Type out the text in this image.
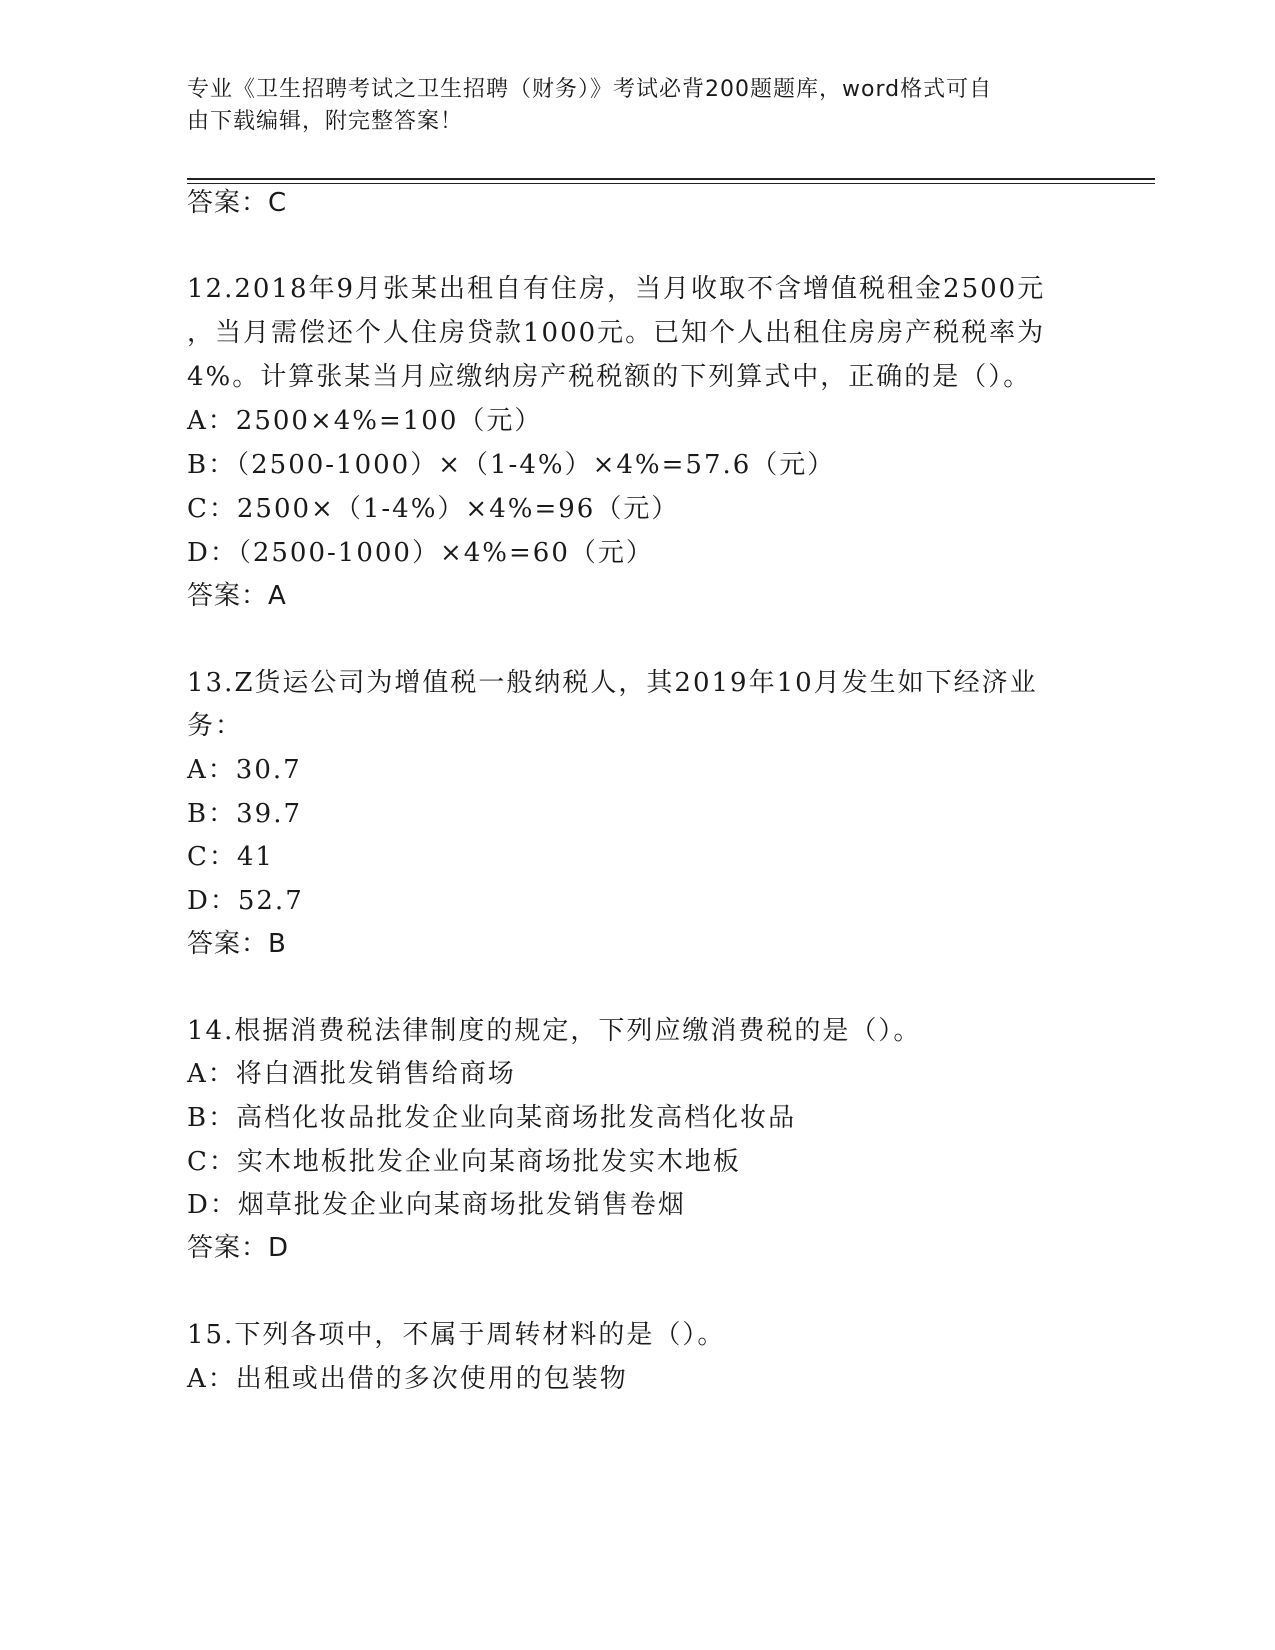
专业《卫生招聘考试之卫生招聘（财务）》考试必背200题题库，word格式可自
由下载编辑，附完整答案！
答案：C
12.2018年9月张某出租自有住房，当月收取不含增值税租金2500元
，当月需偿还个人住房贷款1000元。已知个人出租住房房产税税率为
4%。计算张某当月应缴纳房产税税额的下列算式中，正确的是（）。
A：2500×4%=100（元）
B：（2500-1000）×（1-4%）×4%=57.6（元）
C：2500×（1-4%）×4%=96（元）
D：（2500-1000）×4%=60（元）
答案：A
13.Z货运公司为增值税一般纳税人，其2019年10月发生如下经济业
务：
A：30.7
B：39.7
C：41
D：52.7
答案：B
14.根据消费税法律制度的规定，下列应缴消费税的是（）。
A：将白酒批发销售给商场
B：高档化妆品批发企业向某商场批发高档化妆品
C：实木地板批发企业向某商场批发实木地板
D：烟草批发企业向某商场批发销售卷烟
答案：D
15.下列各项中，不属于周转材料的是（）。
A：出租或出借的多次使用的包装物
